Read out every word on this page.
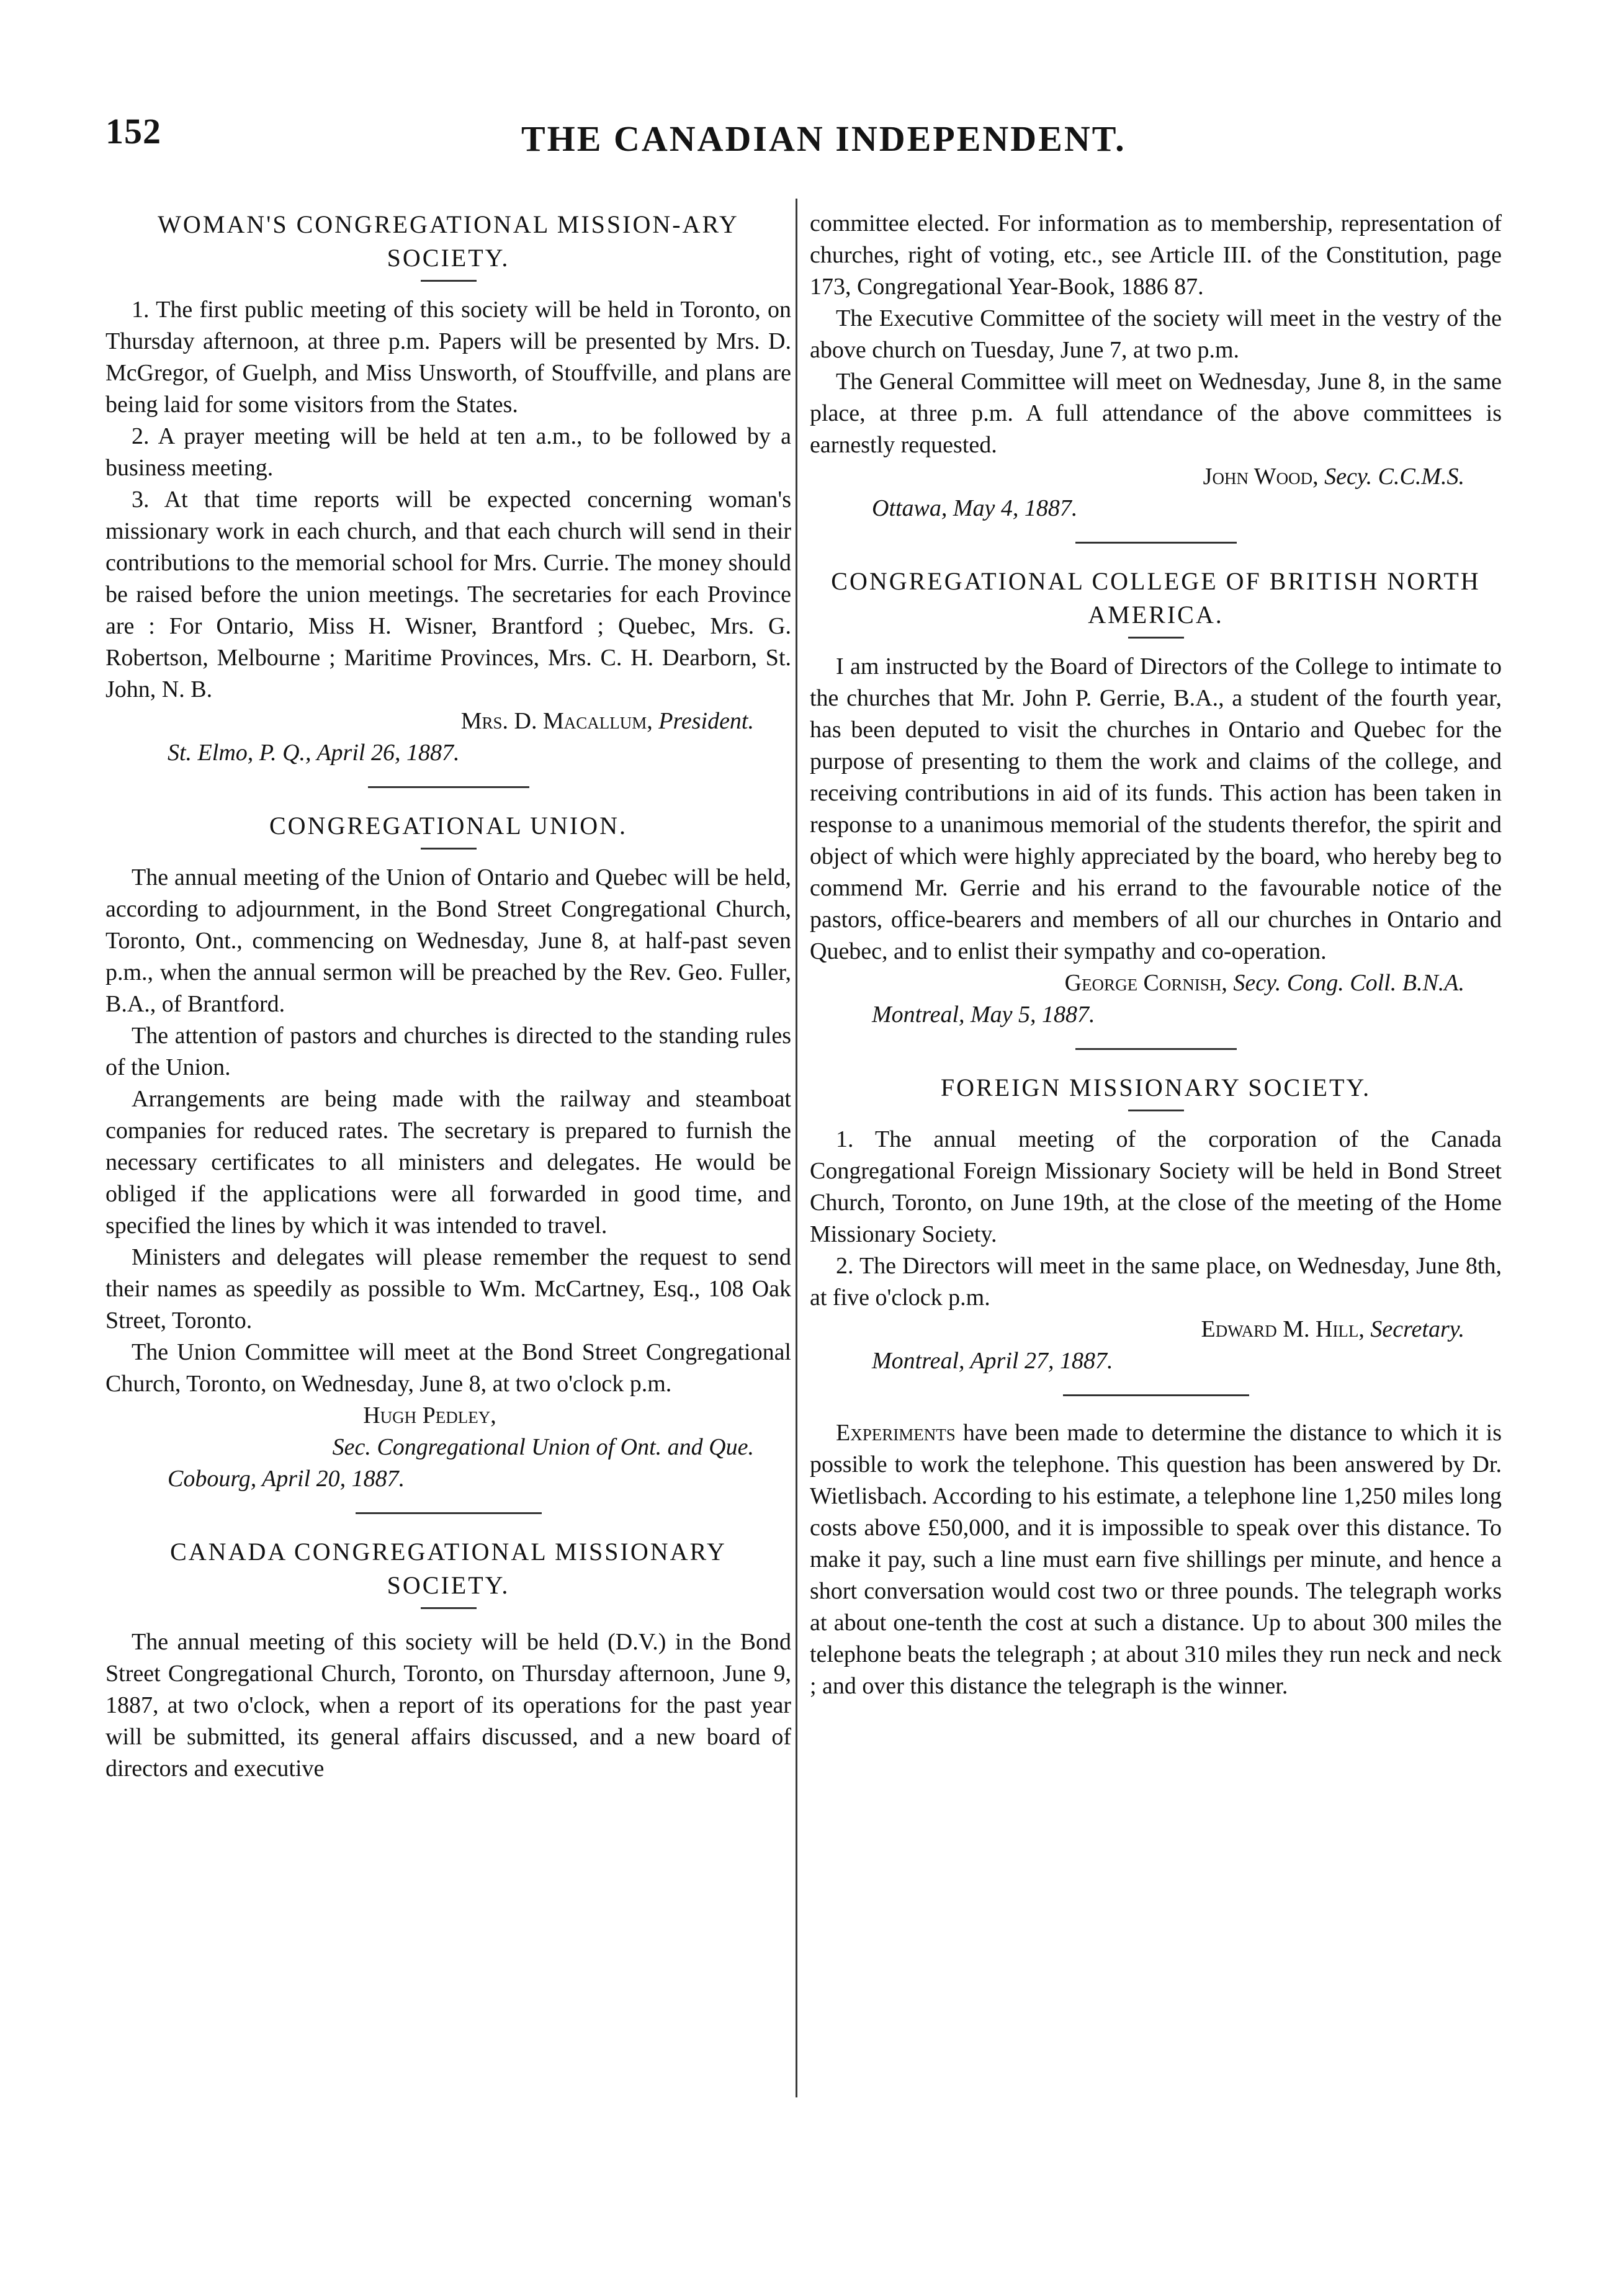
152	THE CANADIAN INDEPENDENT.
WOMAN'S CONGREGATIONAL MISSION-ARY SOCIETY.

1. The first public meeting of this society will be held in Toronto, on Thursday afternoon, at three p.m. Papers will be presented by Mrs. D. McGregor, of Guelph, and Miss Unsworth, of Stouffville, and plans are being laid for some visitors from the States.

2. A prayer meeting will be held at ten a.m., to be followed by a business meeting.

3. At that time reports will be expected concerning woman's missionary work in each church, and that each church will send in their contributions to the memorial school for Mrs. Currie. The money should be raised before the union meetings. The secretaries for each Province are : For Ontario, Miss H. Wisner, Brantford ; Quebec, Mrs. G. Robertson, Melbourne ; Maritime Provinces, Mrs. C. H. Dearborn, St. John, N. B.

Mrs. D. Macallum, President.

St. Elmo, P. Q., April 26, 1887.

CONGREGATIONAL UNION.

The annual meeting of the Union of Ontario and Quebec will be held, according to adjournment, in the Bond Street Congregational Church, Toronto, Ont., commencing on Wednesday, June 8, at half-past seven p.m., when the annual sermon will be preached by the Rev. Geo. Fuller, B.A., of Brantford.

The attention of pastors and churches is directed to the standing rules of the Union.

Arrangements are being made with the railway and steamboat companies for reduced rates. The secretary is prepared to furnish the necessary certificates to all ministers and delegates. He would be obliged if the applications were all forwarded in good time, and specified the lines by which it was intended to travel.

Ministers and delegates will please remember the request to send their names as speedily as possible to Wm. McCartney, Esq., 108 Oak Street, Toronto.

The Union Committee will meet at the Bond Street Congregational Church, Toronto, on Wednesday, June 8, at two o'clock p.m.

Hugh Pedley,

Sec. Congregational Union of Ont. and Que.

Cobourg, April 20, 1887.

CANADA CONGREGATIONAL MISSIONARY SOCIETY.

The annual meeting of this society will be held (D.V.) in the Bond Street Congregational Church, Toronto, on Thursday afternoon, June 9, 1887, at two o'clock, when a report of its operations for the past year will be submitted, its general affairs discussed, and a new board of directors and executive

committee elected. For information as to membership, representation of churches, right of voting, etc., see Article III. of the Constitution, page 173, Congregational Year-Book, 1886 87.

The Executive Committee of the society will meet in the vestry of the above church on Tuesday, June 7, at two p.m.

The General Committee will meet on Wednesday, June 8, in the same place, at three p.m. A full attendance of the above committees is earnestly requested.

John Wood, Secy. C.C.M.S.

Ottawa, May 4, 1887.

CONGREGATIONAL COLLEGE OF BRITISH NORTH AMERICA.

I am instructed by the Board of Directors of the College to intimate to the churches that Mr. John P. Gerrie, B.A., a student of the fourth year, has been deputed to visit the churches in Ontario and Quebec for the purpose of presenting to them the work and claims of the college, and receiving contributions in aid of its funds. This action has been taken in response to a unanimous memorial of the students therefor, the spirit and object of which were highly appreciated by the board, who hereby beg to commend Mr. Gerrie and his errand to the favourable notice of the pastors, office-bearers and members of all our churches in Ontario and Quebec, and to enlist their sympathy and co-operation.

George Cornish, Secy. Cong. Coll. B.N.A.

Montreal, May 5, 1887.

FOREIGN MISSIONARY SOCIETY.

1. The annual meeting of the corporation of the Canada Congregational Foreign Missionary Society will be held in Bond Street Church, Toronto, on June 19th, at the close of the meeting of the Home Missionary Society.

2. The Directors will meet in the same place, on Wednesday, June 8th, at five o'clock p.m.

Edward M. Hill, Secretary.

Montreal, April 27, 1887.

Experiments have been made to determine the distance to which it is possible to work the telephone. This question has been answered by Dr. Wietlisbach. According to his estimate, a telephone line 1,250 miles long costs above £50,000, and it is impossible to speak over this distance. To make it pay, such a line must earn five shillings per minute, and hence a short conversation would cost two or three pounds. The telegraph works at about one-tenth the cost at such a distance. Up to about 300 miles the telephone beats the telegraph ; at about 310 miles they run neck and neck ; and over this distance the telegraph is the winner.
